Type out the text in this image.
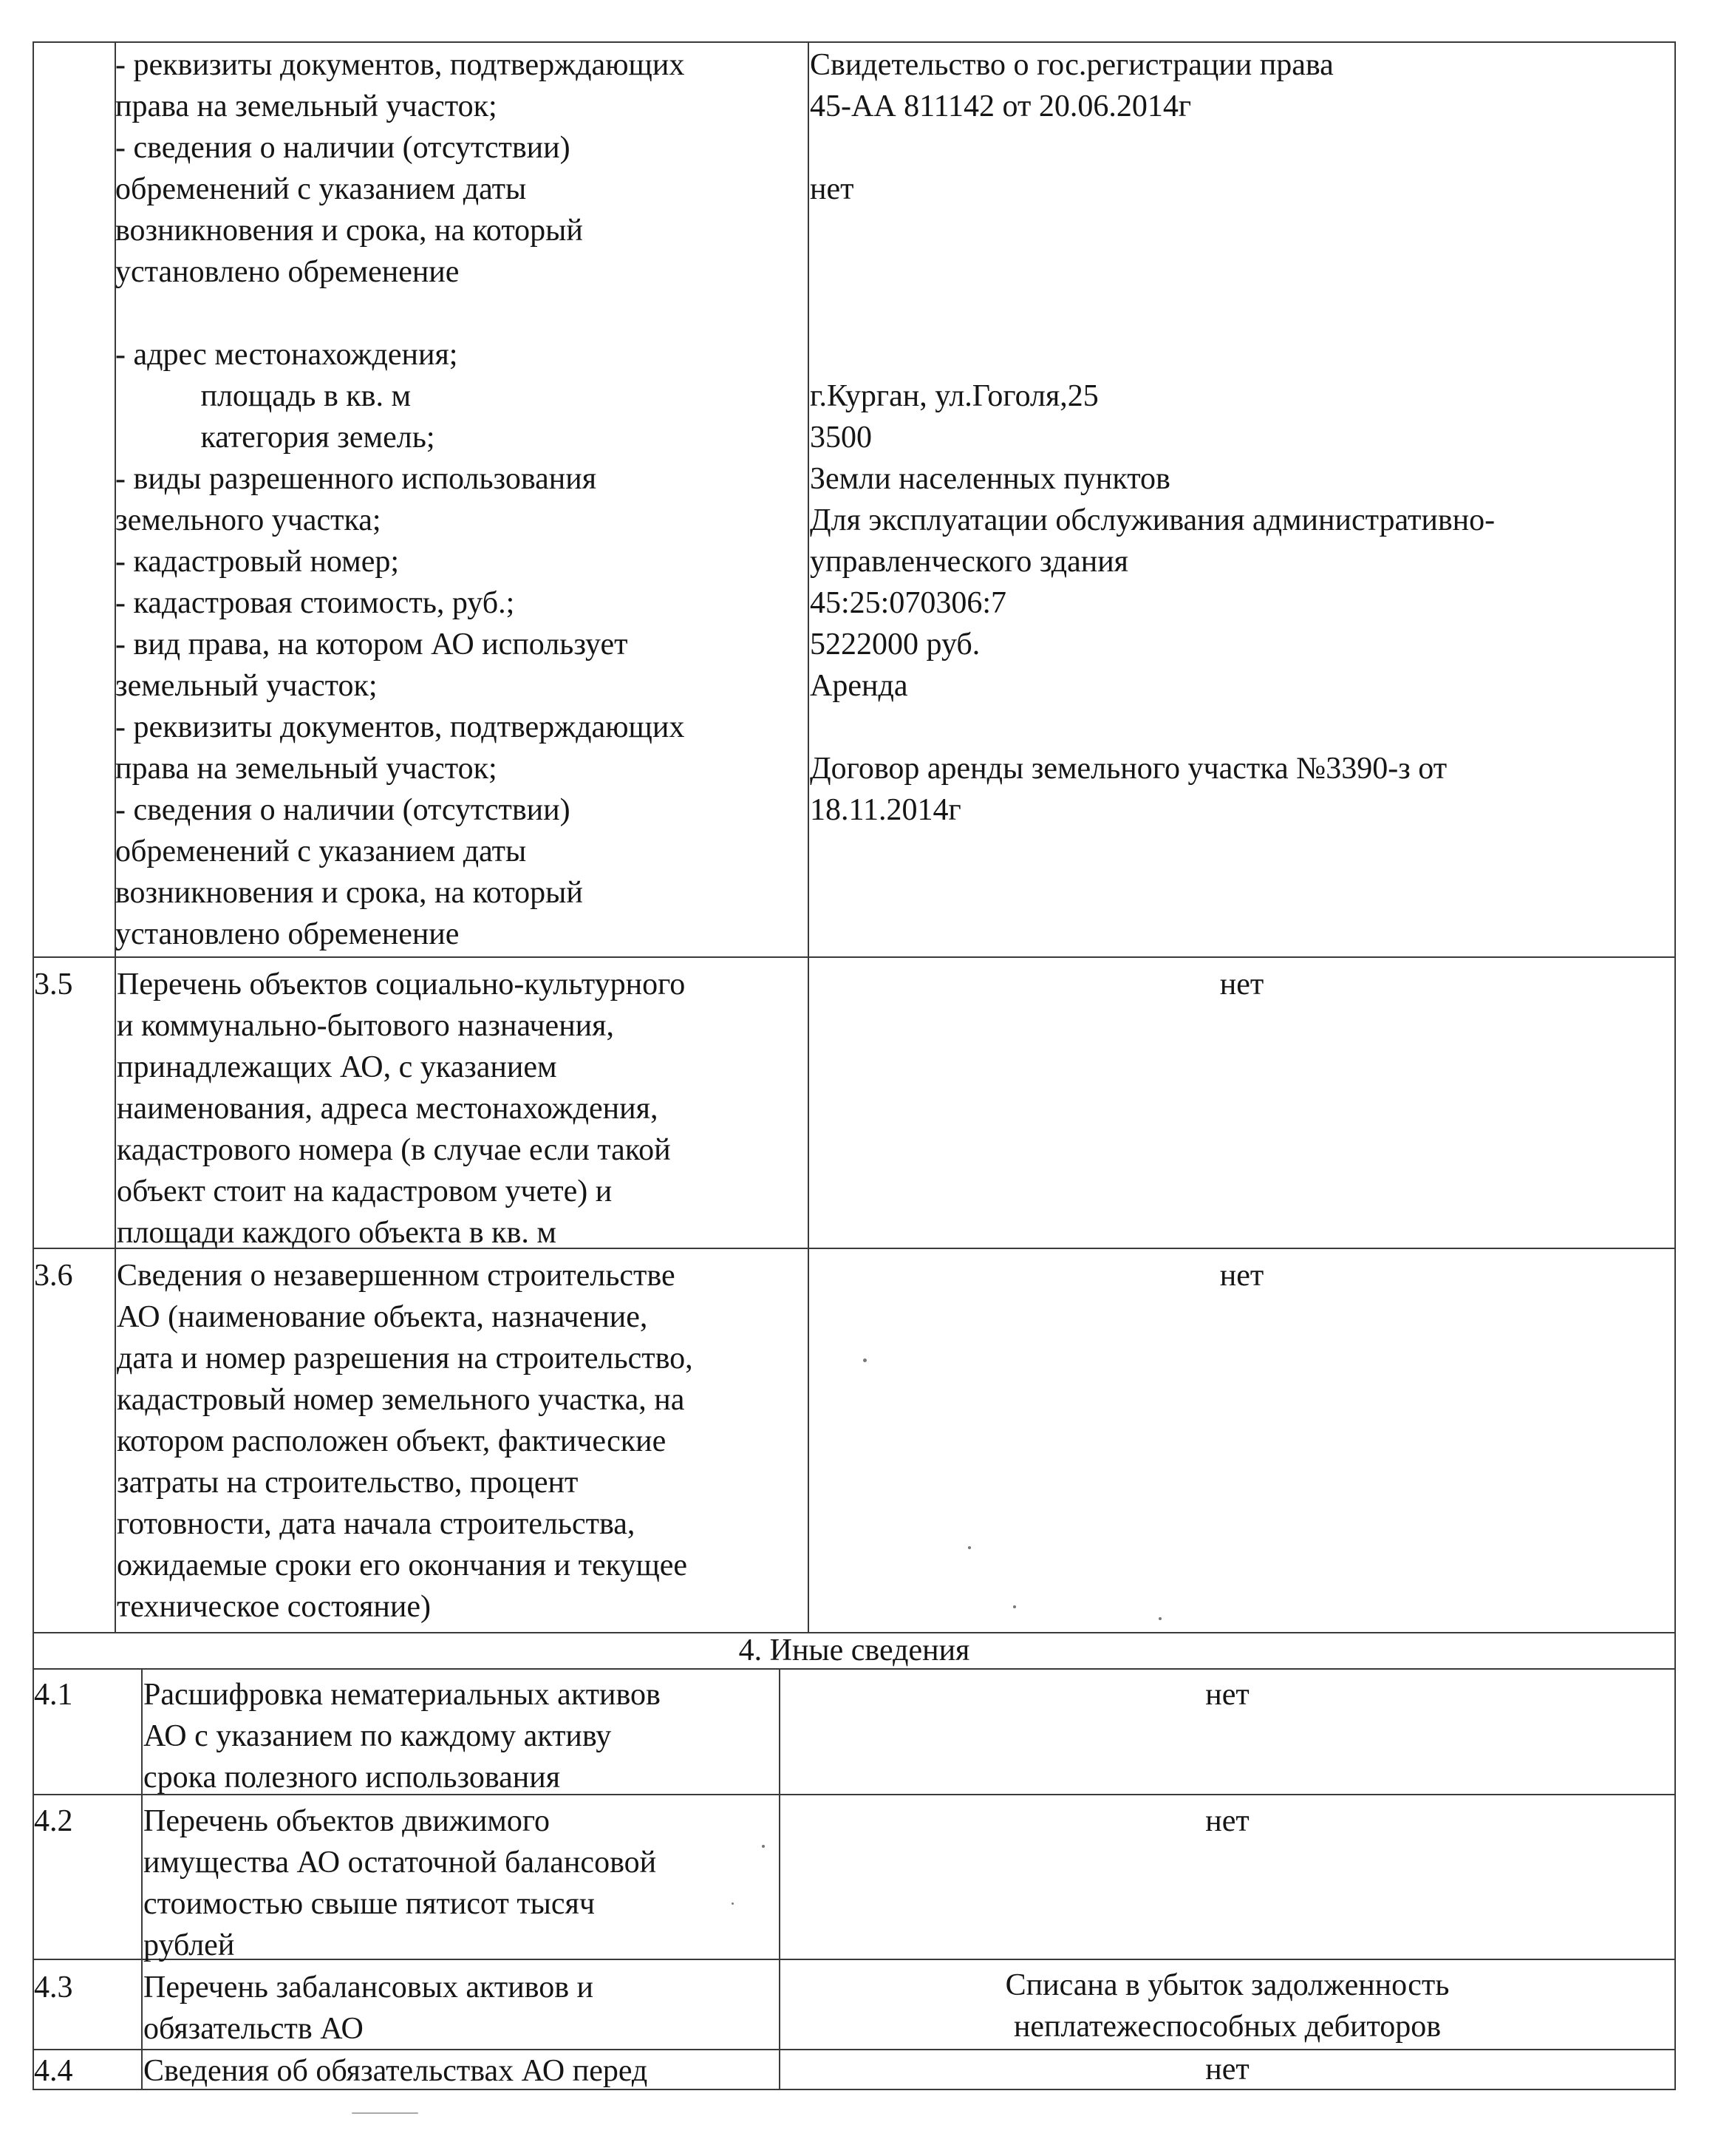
- реквизиты документов, подтверждающих
права на земельный участок;
- сведения о наличии (отсутствии)
обременений с указанием даты
возникновения и срока, на который
установлено обременение

- адрес местонахождения;
площадь в кв. м
категория земель;
- виды разрешенного использования
земельного участка;
- кадастровый номер;
- кадастровая стоимость, руб.;
- вид права, на котором АО использует
земельный участок;
- реквизиты документов, подтверждающих
права на земельный участок;
- сведения о наличии (отсутствии)
обременений с указанием даты
возникновения и срока, на который
установлено обременение
Свидетельство о гос.регистрации права
45-АА 811142 от 20.06.2014г

нет

г.Курган, ул.Гоголя,25
3500
Земли населенных пунктов
Для эксплуатации обслуживания административно-
управленческого здания
45:25:070306:7
5222000 руб.
Аренда

Договор аренды земельного участка №3390-з от
18.11.2014г
3.5 Перечень объектов социально-культурного
и коммунально-бытового назначения,
принадлежащих АО, с указанием
наименования, адреса местонахождения,
кадастрового номера (в случае если такой
объект стоит на кадастровом учете) и
площади каждого объекта в кв. м
нет
3.6 Сведения о незавершенном строительстве
АО (наименование объекта, назначение,
дата и номер разрешения на строительство,
кадастровый номер земельного участка, на
котором расположен объект, фактические
затраты на строительство, процент
готовности, дата начала строительства,
ожидаемые сроки его окончания и текущее
техническое состояние)
нет
4. Иные сведения
4.1 Расшифровка нематериальных активов
АО с указанием по каждому активу
срока полезного использования
нет
4.2 Перечень объектов движимого
имущества АО остаточной балансовой
стоимостью свыше пятисот тысяч
рублей
нет
4.3 Перечень забалансовых активов и
обязательств АО
Списана в убыток задолженность
неплатежеспособных дебиторов
4.4 Сведения об обязательствах АО перед	нет
